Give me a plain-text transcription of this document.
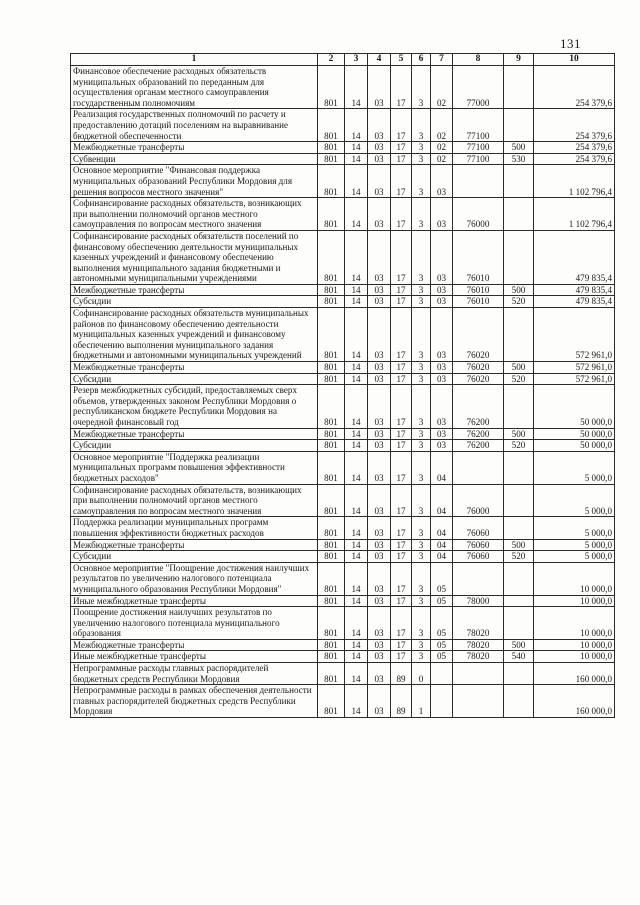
131
1	2	3	4	5	6	7	8	9	10
Финансовое обеспечение расходных обязательств муниципальных образований по переданным для осуществления органам местного самоуправления государственным полномочиям	801	14	03	17	3	02	77000		254 379,6
Реализация государственных полномочий по расчету и предоставлению дотаций поселениям на выравнивание бюджетной обеспеченности	801	14	03	17	3	02	77100		254 379,6
Межбюджетные трансферты	801	14	03	17	3	02	77100	500	254 379,6
Субвенции	801	14	03	17	3	02	77100	530	254 379,6
Основное мероприятие "Финансовая поддержка муниципальных образований Республики Мордовия для решения вопросов местного значения"	801	14	03	17	3	03			1 102 796,4
Софинансирование расходных обязательств, возникающих при выполнении полномочий органов местного самоуправления по вопросам местного значения	801	14	03	17	3	03	76000		1 102 796,4
Софинансирование расходных обязательств поселений по финансовому обеспечению деятельности муниципальных казенных учреждений и финансовому обеспечению выполнения муниципального задания бюджетными и автономными муниципальными учреждениями	801	14	03	17	3	03	76010		479 835,4
Межбюджетные трансферты	801	14	03	17	3	03	76010	500	479 835,4
Субсидии	801	14	03	17	3	03	76010	520	479 835,4
Софинансирование расходных обязательств муниципальных районов по финансовому обеспечению деятельности муниципальных казенных учреждений и финансовому обеспечению выполнения муниципального задания бюджетными и автономными муниципальных учреждений	801	14	03	17	3	03	76020		572 961,0
Межбюджетные трансферты	801	14	03	17	3	03	76020	500	572 961,0
Субсидии	801	14	03	17	3	03	76020	520	572 961,0
Резерв межбюджетных субсидий, предоставляемых сверх объемов, утвержденных законом Республики Мордовия о республиканском бюджете Республики Мордовия на очередной финансовый год	801	14	03	17	3	03	76200		50 000,0
Межбюджетные трансферты	801	14	03	17	3	03	76200	500	50 000,0
Субсидии	801	14	03	17	3	03	76200	520	50 000,0
Основное мероприятие "Поддержка реализации муниципальных программ повышения эффективности бюджетных расходов"	801	14	03	17	3	04			5 000,0
Софинансирование расходных обязательств, возникающих при выполнении полномочий органов местного самоуправления по вопросам местного значения	801	14	03	17	3	04	76000		5 000,0
Поддержка реализации муниципальных программ повышения эффективности бюджетных расходов	801	14	03	17	3	04	76060		5 000,0
Межбюджетные трансферты	801	14	03	17	3	04	76060	500	5 000,0
Субсидии	801	14	03	17	3	04	76060	520	5 000,0
Основное мероприятие "Поощрение достижения наилучших результатов по увеличению налогового потенциала муниципального образования Республики Мордовия"	801	14	03	17	3	05			10 000,0
Иные межбюджетные трансферты	801	14	03	17	3	05	78000		10 000,0
Поощрение достижения наилучших результатов по увеличению налогового потенциала муниципального образования	801	14	03	17	3	05	78020		10 000,0
Межбюджетные трансферты	801	14	03	17	3	05	78020	500	10 000,0
Иные межбюджетные трансферты	801	14	03	17	3	05	78020	540	10 000,0
Непрограммные расходы главных распорядителей бюджетных средств Республики Мордовия	801	14	03	89	0				160 000,0
Непрограммные расходы в рамках обеспечения деятельности главных распорядителей бюджетных средств Республики Мордовия	801	14	03	89	1				160 000,0
